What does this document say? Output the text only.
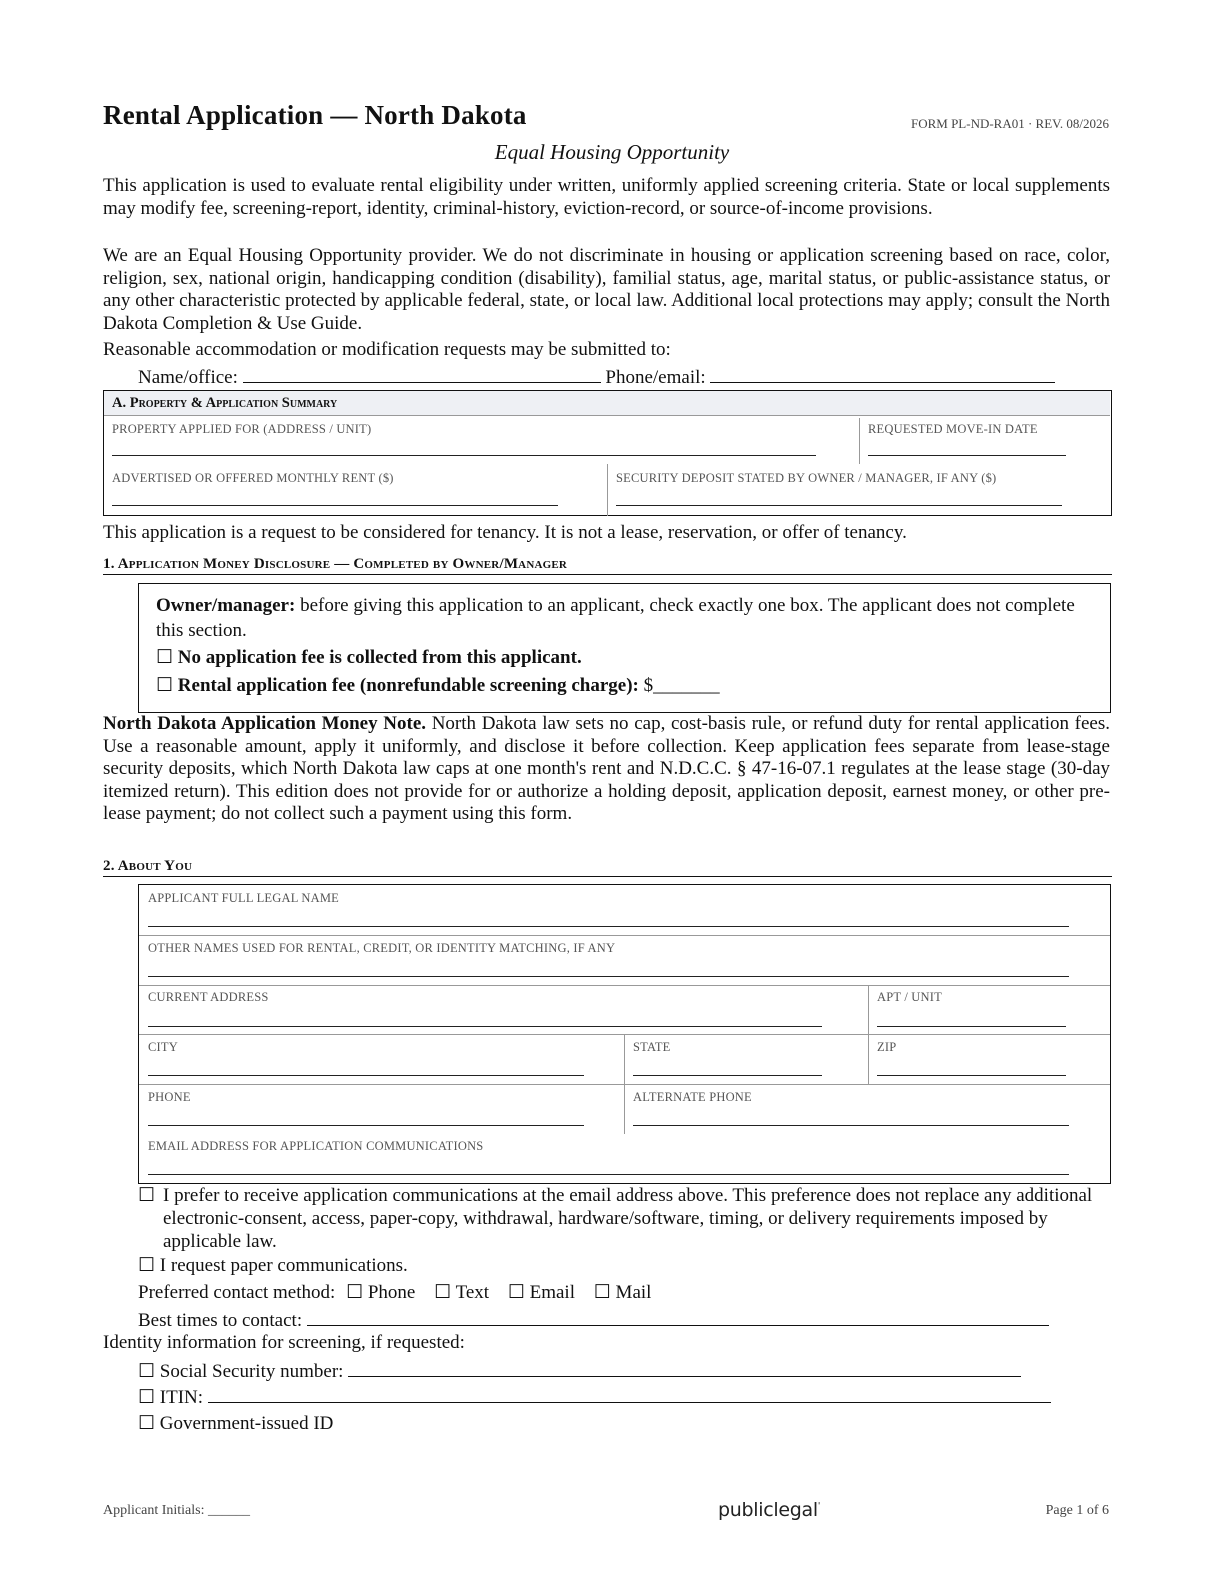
Rental Application — North Dakota	FORM PL-ND-RA01 · REV. 08/2026
Equal Housing Opportunity
This application is used to evaluate rental eligibility under written, uniformly applied screening criteria. State or local supplements may modify fee, screening-report, identity, criminal-history, eviction-record, or source-of-income provisions.
We are an Equal Housing Opportunity provider. We do not discriminate in housing or application screening based on race, color, religion, sex, national origin, handicapping condition (disability), familial status, age, marital status, or public-assistance status, or any other characteristic protected by applicable federal, state, or local law. Additional local protections may apply; consult the North Dakota Completion & Use Guide.
Reasonable accommodation or modification requests may be submitted to:
Name/office:	Phone/email:
A. Property & Application Summary
PROPERTY APPLIED FOR (ADDRESS / UNIT)	REQUESTED MOVE-IN DATE
ADVERTISED OR OFFERED MONTHLY RENT ($)	SECURITY DEPOSIT STATED BY OWNER / MANAGER, IF ANY ($)
This application is a request to be considered for tenancy. It is not a lease, reservation, or offer of tenancy.
1. Application Money Disclosure — Completed by Owner/Manager
Owner/manager: before giving this application to an applicant, check exactly one box. The applicant does not complete this section.
☐ No application fee is collected from this applicant.
☐ Rental application fee (nonrefundable screening charge): $_______
North Dakota Application Money Note. North Dakota law sets no cap, cost-basis rule, or refund duty for rental application fees. Use a reasonable amount, apply it uniformly, and disclose it before collection. Keep application fees separate from lease-stage security deposits, which North Dakota law caps at one month's rent and N.D.C.C. § 47-16-07.1 regulates at the lease stage (30-day itemized return). This edition does not provide for or authorize a holding deposit, application deposit, earnest money, or other pre-lease payment; do not collect such a payment using this form.
2. About You
APPLICANT FULL LEGAL NAME
OTHER NAMES USED FOR RENTAL, CREDIT, OR IDENTITY MATCHING, IF ANY
CURRENT ADDRESS	APT / UNIT
CITY	STATE	ZIP
PHONE	ALTERNATE PHONE
EMAIL ADDRESS FOR APPLICATION COMMUNICATIONS
☐ I prefer to receive application communications at the email address above. This preference does not replace any additional electronic-consent, access, paper-copy, withdrawal, hardware/software, timing, or delivery requirements imposed by applicable law.
☐ I request paper communications.
Preferred contact method: ☐ Phone ☐ Text ☐ Email ☐ Mail
Best times to contact:
Identity information for screening, if requested:
☐ Social Security number:
☐ ITIN:
☐ Government-issued ID
Applicant Initials: ______	publiclegal'	Page 1 of 6
